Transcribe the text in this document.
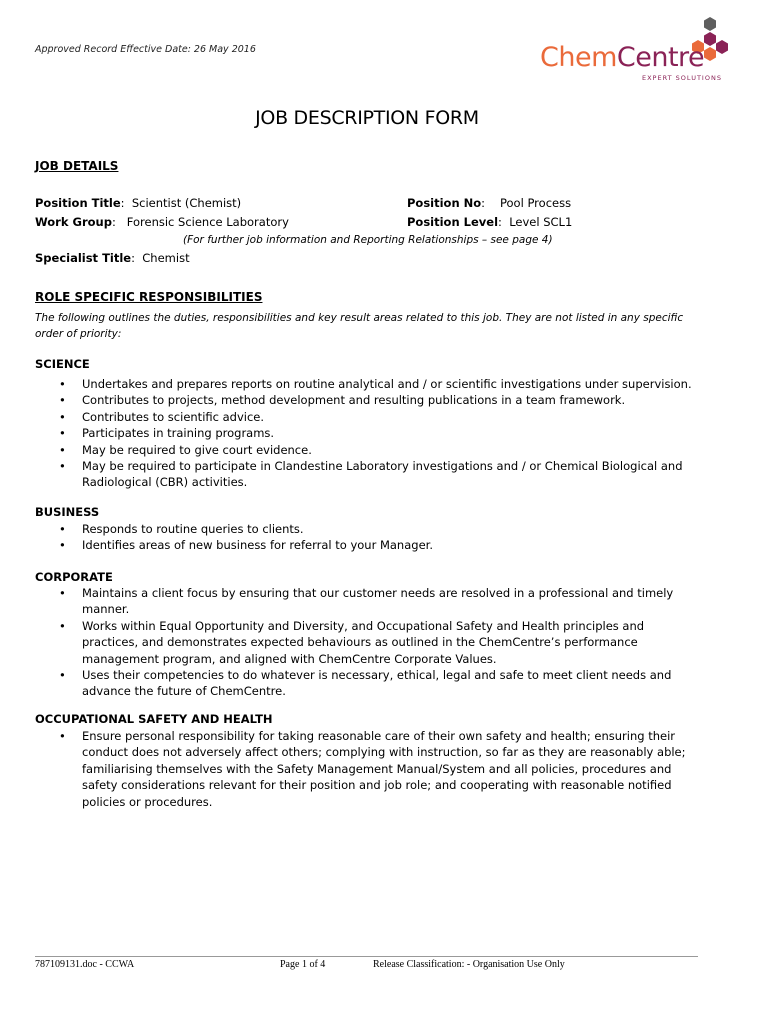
Approved Record Effective Date: 26 May 2016	ChemCentre
EXPERT SOLUTIONS
JOB DESCRIPTION FORM
JOB DETAILS
Position Title:  Scientist (Chemist)
Work Group:   Forensic Science Laboratory
Position No: Pool Process
Position Level:  Level SCL1
(For further job information and Reporting Relationships – see page 4)
Specialist Title:  Chemist
ROLE SPECIFIC RESPONSIBILITIES
The following outlines the duties, responsibilities and key result areas related to this job. They are not listed in any specific order of priority:
SCIENCE
• Undertakes and prepares reports on routine analytical and / or scientific investigations under supervision.
• Contributes to projects, method development and resulting publications in a team framework.
• Contributes to scientific advice.
• Participates in training programs.
• May be required to give court evidence.
• May be required to participate in Clandestine Laboratory investigations and / or Chemical Biological and Radiological (CBR) activities.
BUSINESS
• Responds to routine queries to clients.
• Identifies areas of new business for referral to your Manager.
CORPORATE
• Maintains a client focus by ensuring that our customer needs are resolved in a professional and timely manner.
• Works within Equal Opportunity and Diversity, and Occupational Safety and Health principles and practices, and demonstrates expected behaviours as outlined in the ChemCentre’s performance management program, and aligned with ChemCentre Corporate Values.
• Uses their competencies to do whatever is necessary, ethical, legal and safe to meet client needs and advance the future of ChemCentre.
OCCUPATIONAL SAFETY AND HEALTH
• Ensure personal responsibility for taking reasonable care of their own safety and health; ensuring their conduct does not adversely affect others; complying with instruction, so far as they are reasonably able; familiarising themselves with the Safety Management Manual/System and all policies, procedures and safety considerations relevant for their position and job role; and cooperating with reasonable notified policies or procedures.
787109131.doc - CCWA	Page 1 of 4	Release Classification: - Organisation Use Only
